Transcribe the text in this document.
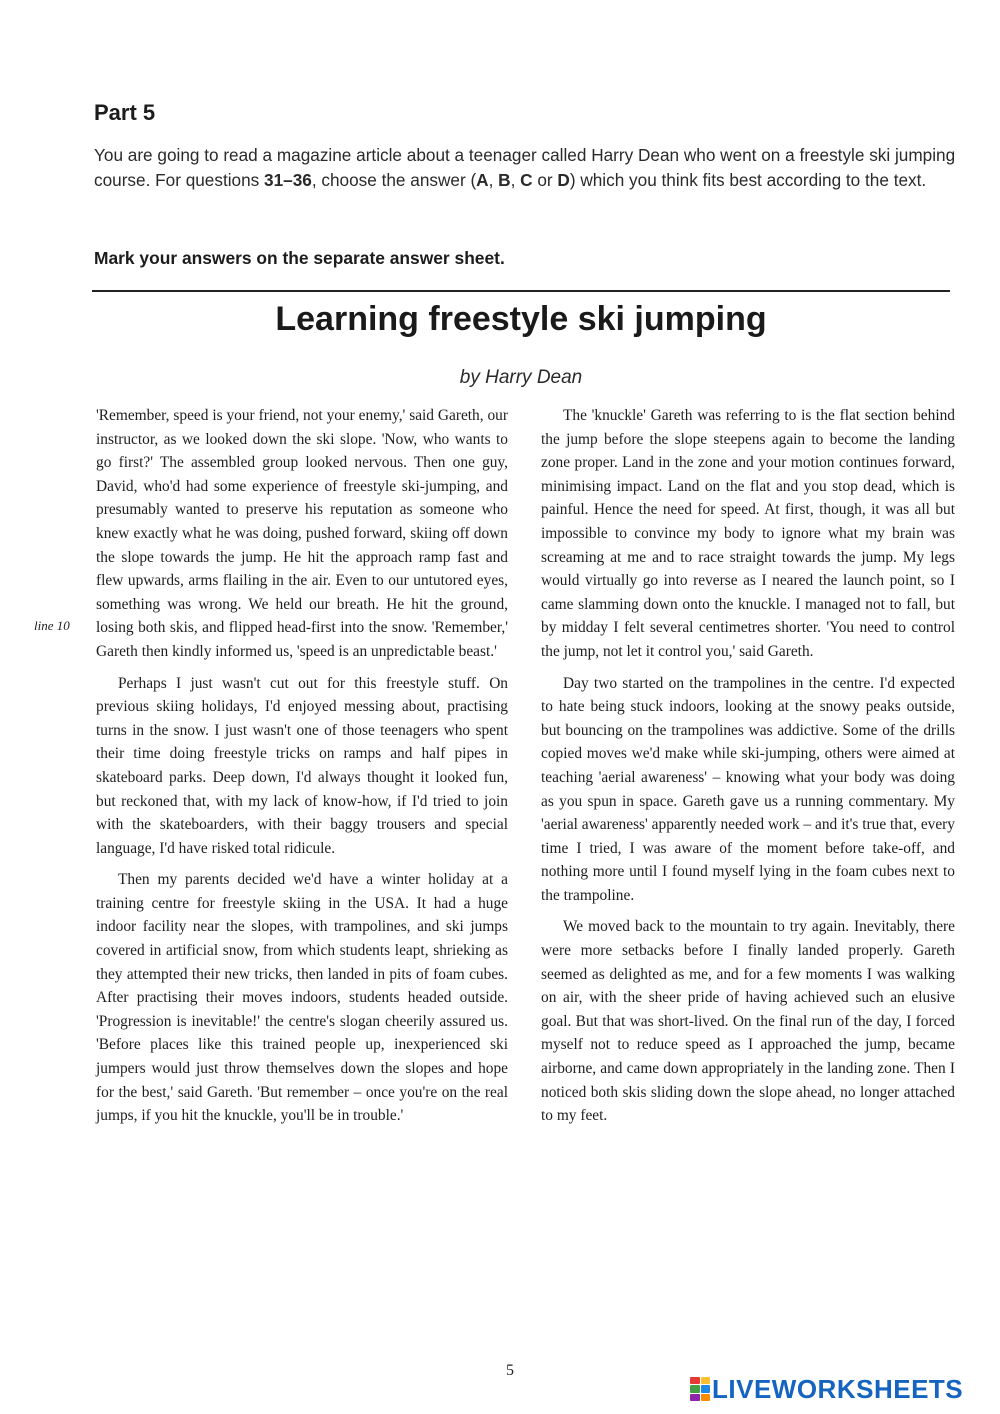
Part 5
You are going to read a magazine article about a teenager called Harry Dean who went on a freestyle ski jumping course. For questions 31–36, choose the answer (A, B, C or D) which you think fits best according to the text.
Mark your answers on the separate answer sheet.
Learning freestyle ski jumping
by Harry Dean
line 10

'Remember, speed is your friend, not your enemy,' said Gareth, our instructor, as we looked down the ski slope. 'Now, who wants to go first?' The assembled group looked nervous. Then one guy, David, who'd had some experience of freestyle ski-jumping, and presumably wanted to preserve his reputation as someone who knew exactly what he was doing, pushed forward, skiing off down the slope towards the jump. He hit the approach ramp fast and flew upwards, arms flailing in the air. Even to our untutored eyes, something was wrong. We held our breath. He hit the ground, losing both skis, and flipped head-first into the snow. 'Remember,' Gareth then kindly informed us, 'speed is an unpredictable beast.'

Perhaps I just wasn't cut out for this freestyle stuff. On previous skiing holidays, I'd enjoyed messing about, practising turns in the snow. I just wasn't one of those teenagers who spent their time doing freestyle tricks on ramps and half pipes in skateboard parks. Deep down, I'd always thought it looked fun, but reckoned that, with my lack of know-how, if I'd tried to join with the skateboarders, with their baggy trousers and special language, I'd have risked total ridicule.

Then my parents decided we'd have a winter holiday at a training centre for freestyle skiing in the USA. It had a huge indoor facility near the slopes, with trampolines, and ski jumps covered in artificial snow, from which students leapt, shrieking as they attempted their new tricks, then landed in pits of foam cubes. After practising their moves indoors, students headed outside. 'Progression is inevitable!' the centre's slogan cheerily assured us. 'Before places like this trained people up, inexperienced ski jumpers would just throw themselves down the slopes and hope for the best,' said Gareth. 'But remember – once you're on the real jumps, if you hit the knuckle, you'll be in trouble.'

The 'knuckle' Gareth was referring to is the flat section behind the jump before the slope steepens again to become the landing zone proper. Land in the zone and your motion continues forward, minimising impact. Land on the flat and you stop dead, which is painful. Hence the need for speed. At first, though, it was all but impossible to convince my body to ignore what my brain was screaming at me and to race straight towards the jump. My legs would virtually go into reverse as I neared the launch point, so I came slamming down onto the knuckle. I managed not to fall, but by midday I felt several centimetres shorter. 'You need to control the jump, not let it control you,' said Gareth.

Day two started on the trampolines in the centre. I'd expected to hate being stuck indoors, looking at the snowy peaks outside, but bouncing on the trampolines was addictive. Some of the drills copied moves we'd make while ski-jumping, others were aimed at teaching 'aerial awareness' – knowing what your body was doing as you spun in space. Gareth gave us a running commentary. My 'aerial awareness' apparently needed work – and it's true that, every time I tried, I was aware of the moment before take-off, and nothing more until I found myself lying in the foam cubes next to the trampoline.

We moved back to the mountain to try again. Inevitably, there were more setbacks before I finally landed properly. Gareth seemed as delighted as me, and for a few moments I was walking on air, with the sheer pride of having achieved such an elusive goal. But that was short-lived. On the final run of the day, I forced myself not to reduce speed as I approached the jump, became airborne, and came down appropriately in the landing zone. Then I noticed both skis sliding down the slope ahead, no longer attached to my feet.

5
LIVEWORKSHEETS
